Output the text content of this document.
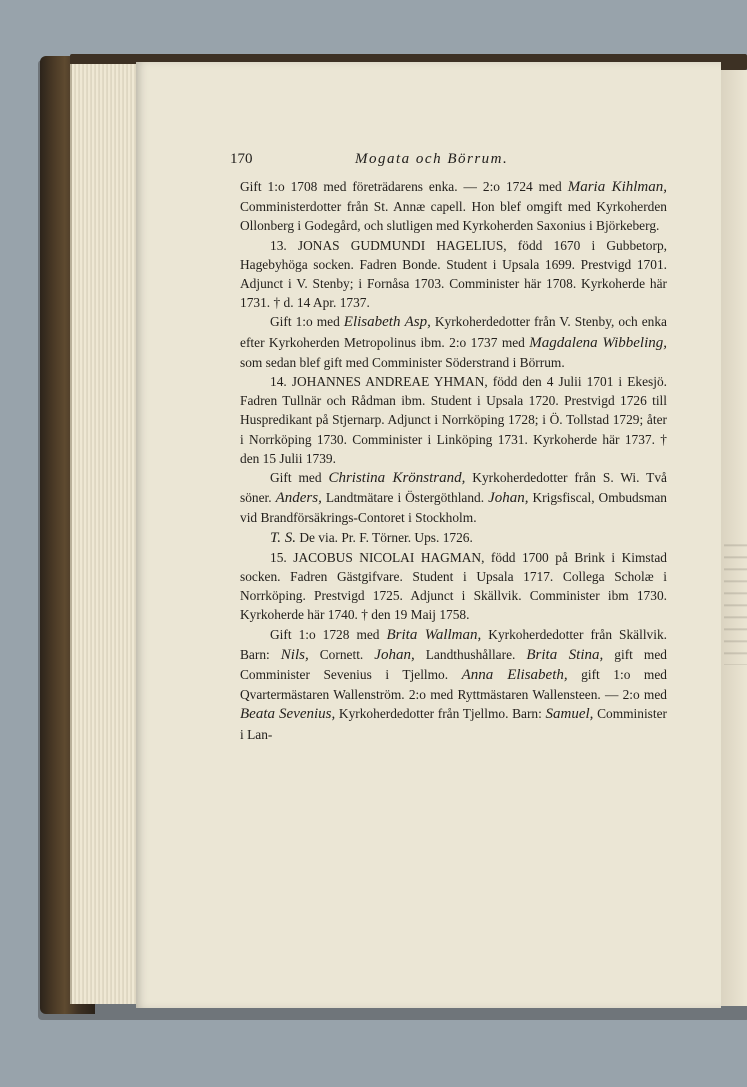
170	Mogata och Börrum.

Gift 1:o 1708 med företrädarens enka. — 2:o 1724 med Maria Kihlman, Comministerdotter från St. Annæ capell. Hon blef omgift med Kyrkoherden Ollonberg i Godegård, och slutligen med Kyrkoherden Saxonius i Björkeberg.

13. JONAS GUDMUNDI HAGELIUS, född 1670 i Gubbetorp, Hagebyhöga socken. Fadren Bonde. Student i Upsala 1699. Prestvigd 1701. Adjunct i V. Stenby; i Fornåsa 1703. Comminister här 1708. Kyrkoherde här 1731. † d. 14 Apr. 1737.

Gift 1:o med Elisabeth Asp, Kyrkoherdedotter från V. Stenby, och enka efter Kyrkoherden Metropolinus ibm. 2:o 1737 med Magdalena Wibbeling, som sedan blef gift med Comminister Söderstrand i Börrum.

14. JOHANNES ANDREAE YHMAN, född den 4 Julii 1701 i Ekesjö. Fadren Tullnär och Rådman ibm. Student i Upsala 1720. Prestvigd 1726 till Huspredikant på Stjernarp. Adjunct i Norrköping 1728; i Ö. Tollstad 1729; åter i Norrköping 1730. Comminister i Linköping 1731. Kyrkoherde här 1737. † den 15 Julii 1739.

Gift med Christina Krönstrand, Kyrkoherdedotter från S. Wi. Två söner. Anders, Landtmätare i Östergöthland. Johan, Krigsfiscal, Ombudsman vid Brandförsäkrings-Contoret i Stockholm.

T. S. De via. Pr. F. Törner. Ups. 1726.

15. JACOBUS NICOLAI HAGMAN, född 1700 på Brink i Kimstad socken. Fadren Gästgifvare. Student i Upsala 1717. Collega Scholæ i Norrköping. Prestvigd 1725. Adjunct i Skällvik. Comminister ibm 1730. Kyrkoherde här 1740. † den 19 Maij 1758.

Gift 1:o 1728 med Brita Wallman, Kyrkoherdedotter från Skällvik. Barn: Nils, Cornett. Johan, Landthushållare. Brita Stina, gift med Comminister Sevenius i Tjellmo. Anna Elisabeth, gift 1:o med Qvartermästaren Wallenström. 2:o med Ryttmästaren Wallensteen. — 2:o med Beata Sevenius, Kyrkoherdedotter från Tjellmo. Barn: Samuel, Comminister i Lan-
